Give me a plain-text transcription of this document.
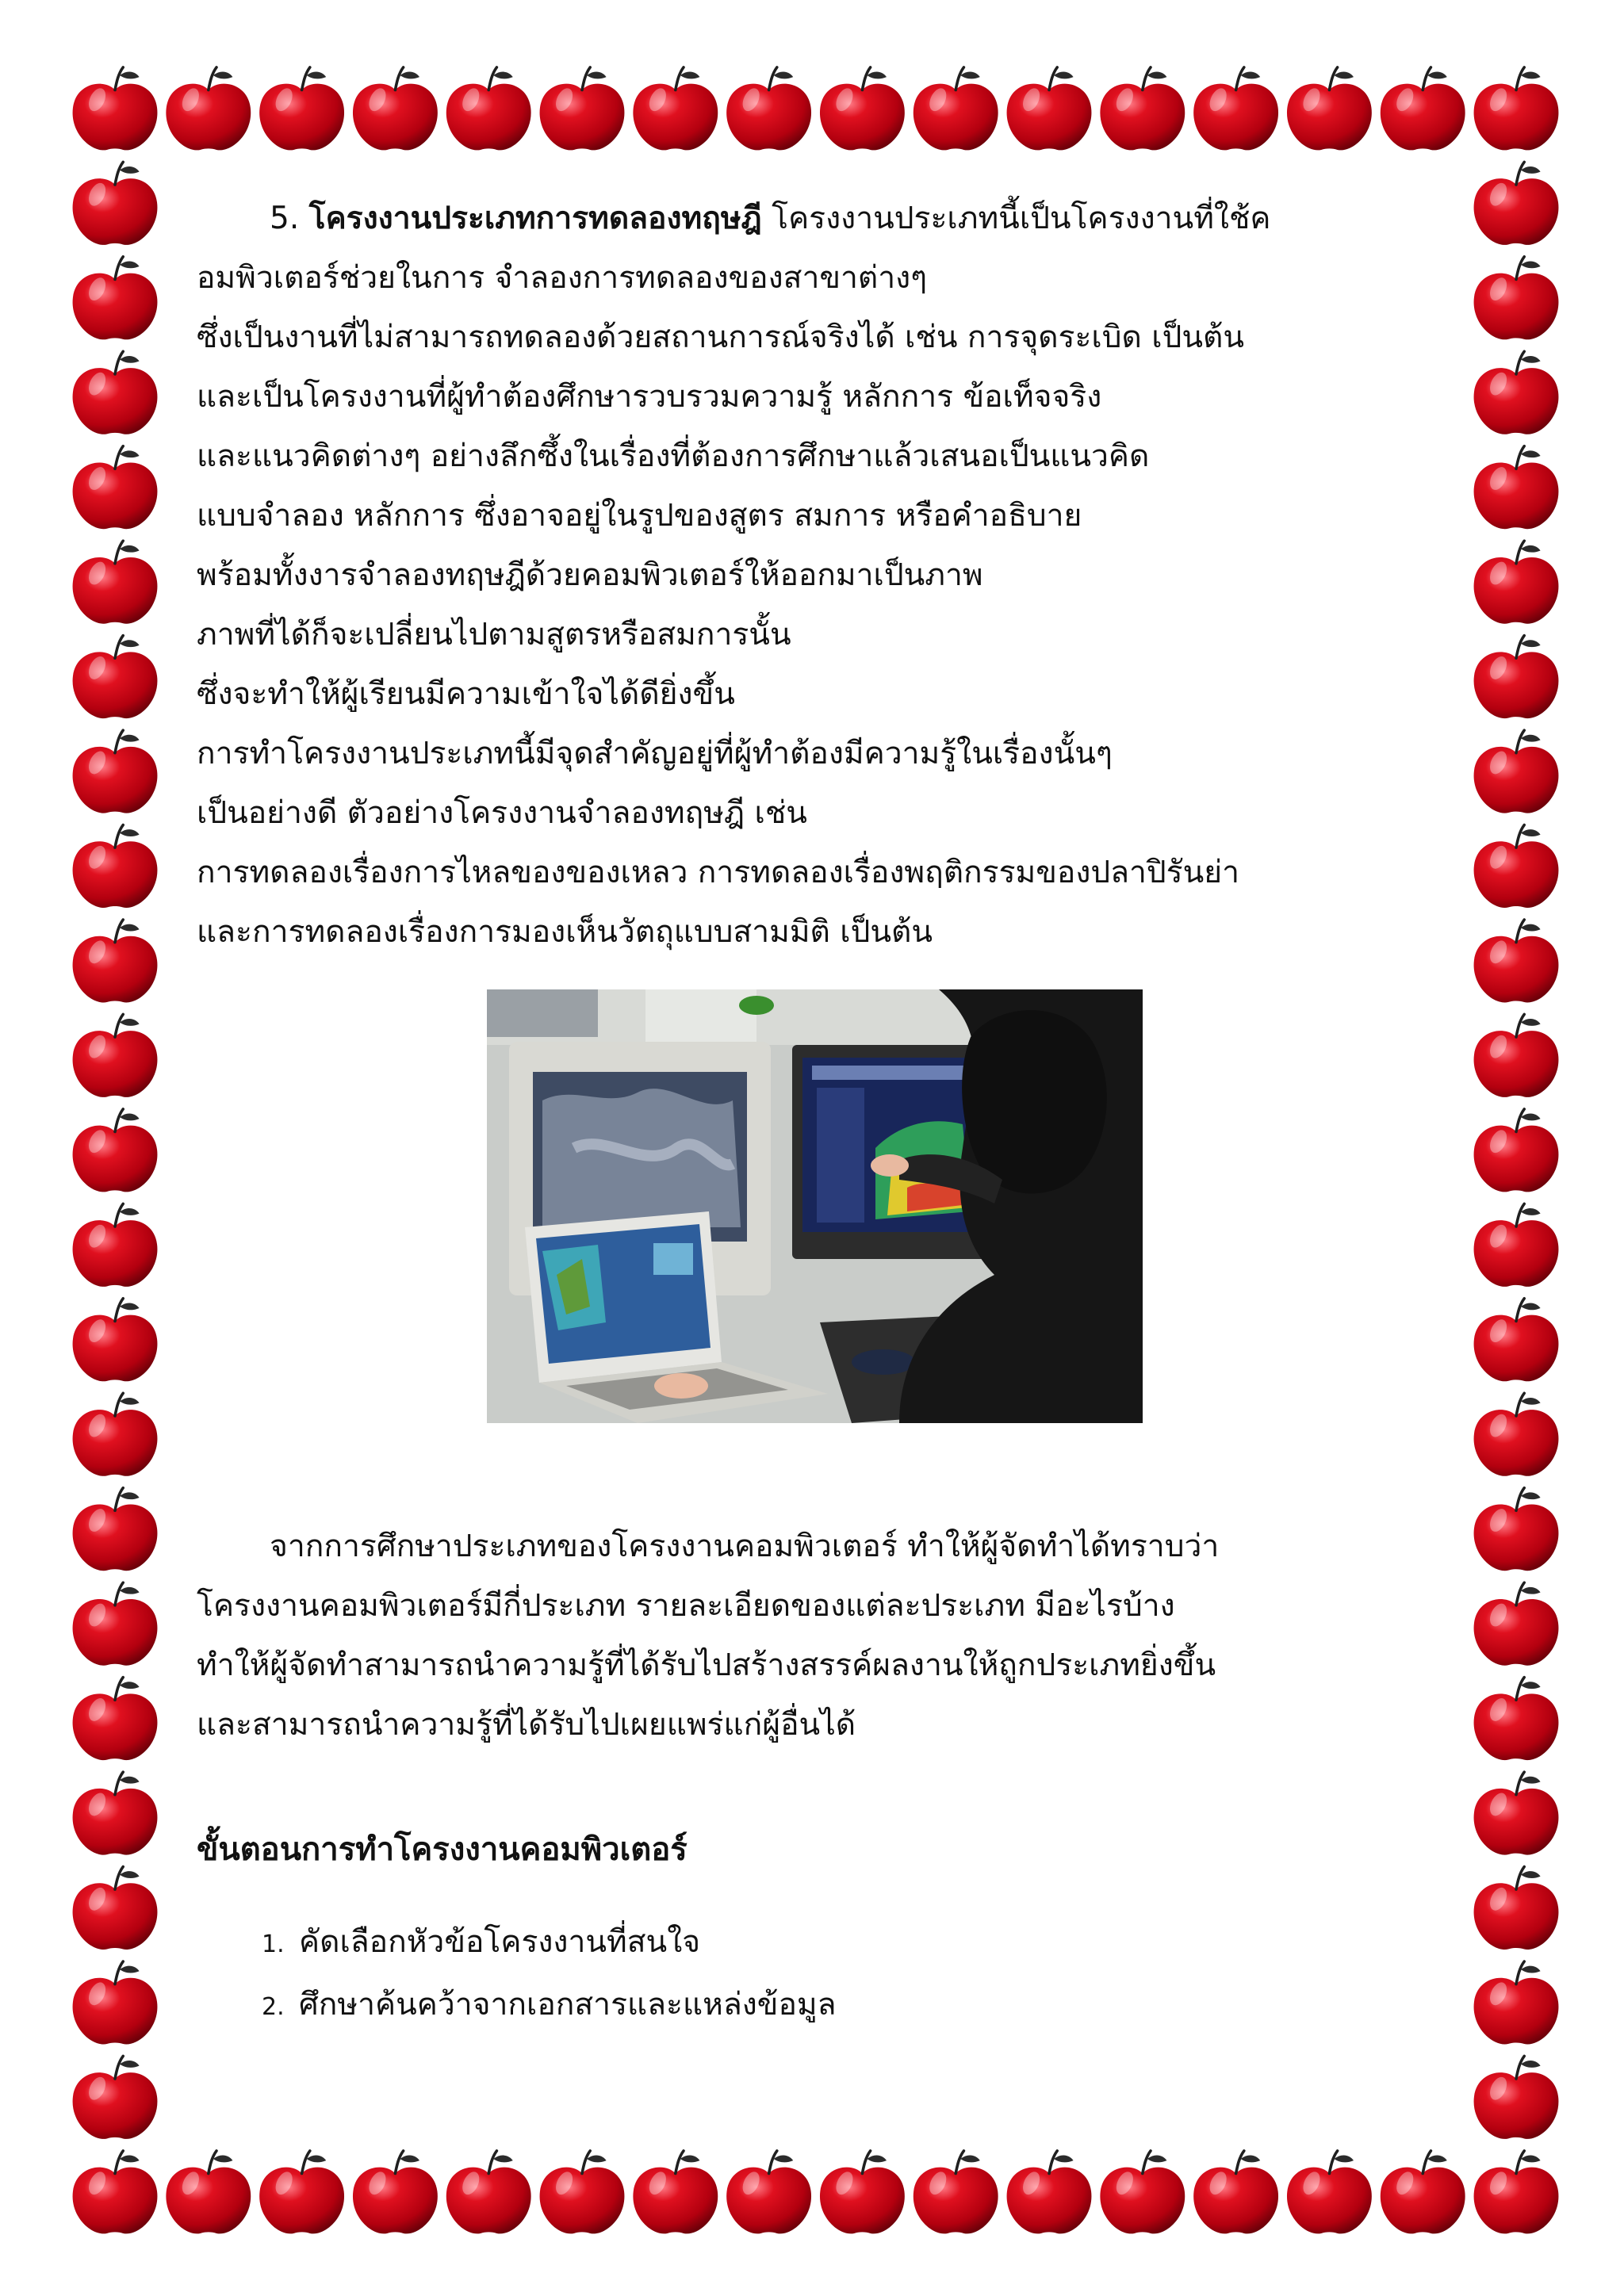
5. โครงงานประเภทการทดลองทฤษฎี โครงงานประเภทนี้เป็นโครงงานที่ใช้ค
อมพิวเตอร์ช่วยในการ จำลองการทดลองของสาขาต่างๆ
ซึ่งเป็นงานที่ไม่สามารถทดลองด้วยสถานการณ์จริงได้ เช่น การจุดระเบิด เป็นต้น
และเป็นโครงงานที่ผู้ทำต้องศึกษารวบรวมความรู้ หลักการ ข้อเท็จจริง
และแนวคิดต่างๆ อย่างลึกซึ้งในเรื่องที่ต้องการศึกษาแล้วเสนอเป็นแนวคิด
แบบจำลอง หลักการ ซึ่งอาจอยู่ในรูปของสูตร สมการ หรือคำอธิบาย
พร้อมทั้งงารจำลองทฤษฎีด้วยคอมพิวเตอร์ให้ออกมาเป็นภาพ
ภาพที่ได้ก็จะเปลี่ยนไปตามสูตรหรือสมการนั้น
ซึ่งจะทำให้ผู้เรียนมีความเข้าใจได้ดียิ่งขึ้น
การทำโครงงานประเภทนี้มีจุดสำคัญอยู่ที่ผู้ทำต้องมีความรู้ในเรื่องนั้นๆ
เป็นอย่างดี ตัวอย่างโครงงานจำลองทฤษฎี เช่น
การทดลองเรื่องการไหลของของเหลว การทดลองเรื่องพฤติกรรมของปลาปิรันย่า
และการทดลองเรื่องการมองเห็นวัตถุแบบสามมิติ เป็นต้น

จากการศึกษาประเภทของโครงงานคอมพิวเตอร์ ทำให้ผู้จัดทำได้ทราบว่า
โครงงานคอมพิวเตอร์มีกี่ประเภท รายละเอียดของแต่ละประเภท มีอะไรบ้าง
ทำให้ผู้จัดทำสามารถนำความรู้ที่ได้รับไปสร้างสรรค์ผลงานให้ถูกประเภทยิ่งขึ้น
และสามารถนำความรู้ที่ได้รับไปเผยแพร่แก่ผู้อื่นได้

ขั้นตอนการทำโครงงานคอมพิวเตอร์
1. คัดเลือกหัวข้อโครงงานที่สนใจ
2. ศึกษาค้นคว้าจากเอกสารและแหล่งข้อมูล
